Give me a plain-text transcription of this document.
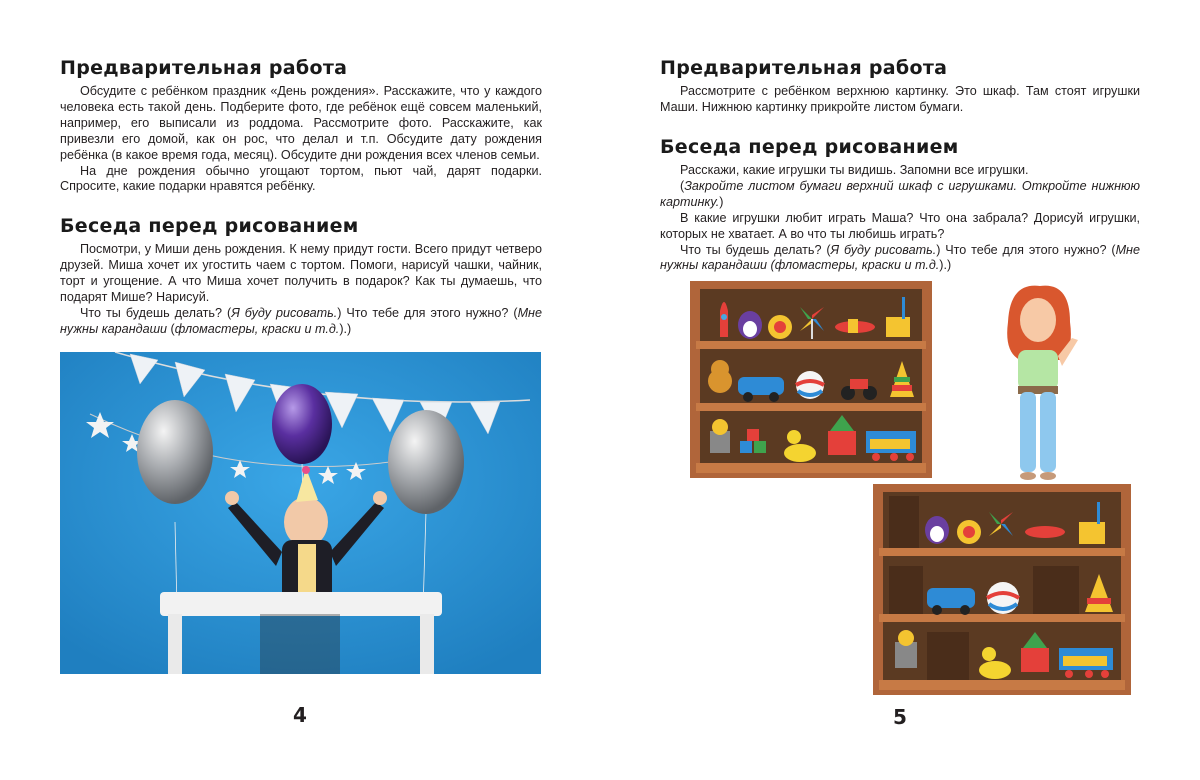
Предварительная работа

Обсудите с ребёнком праздник «День рождения». Расскажите, что у каждого человека есть такой день. Подберите фото, где ребёнок ещё совсем маленький, например, его выписали из роддома. Рассмотрите фото. Расскажите, как привезли его домой, как он рос, что делал и т.п. Обсудите дату рождения ребёнка (в какое время года, месяц). Обсудите дни рождения всех членов семьи.

На дне рождения обычно угощают тортом, пьют чай, дарят подарки. Спросите, какие подарки нравятся ребёнку.

Беседа перед рисованием

Посмотри, у Миши день рождения. К нему придут гости. Всего придут четверо друзей. Миша хочет их угостить чаем с тортом. Помоги, нарисуй чашки, чайник, торт и угощение. А что Миша хочет получить в подарок? Как ты думаешь, что подарят Мише? Нарисуй.

Что ты будешь делать? (Я буду рисовать.) Что тебе для этого нужно? (Мне нужны карандаши (фломастеры, краски и т.д.).)

4
Предварительная работа

Рассмотрите с ребёнком верхнюю картинку. Это шкаф. Там стоят игрушки Маши. Нижнюю картинку прикройте листом бумаги.

Беседа перед рисованием

Расскажи, какие игрушки ты видишь. Запомни все игрушки.

(Закройте листом бумаги верхний шкаф с игрушками. Откройте нижнюю картинку.)

В какие игрушки любит играть Маша? Что она забрала? Дорисуй игрушки, которых не хватает. А во что ты любишь играть?

Что ты будешь делать? (Я буду рисовать.) Что тебе для этого нужно? (Мне нужны карандаши (фломастеры, краски и т.д.).)

5
